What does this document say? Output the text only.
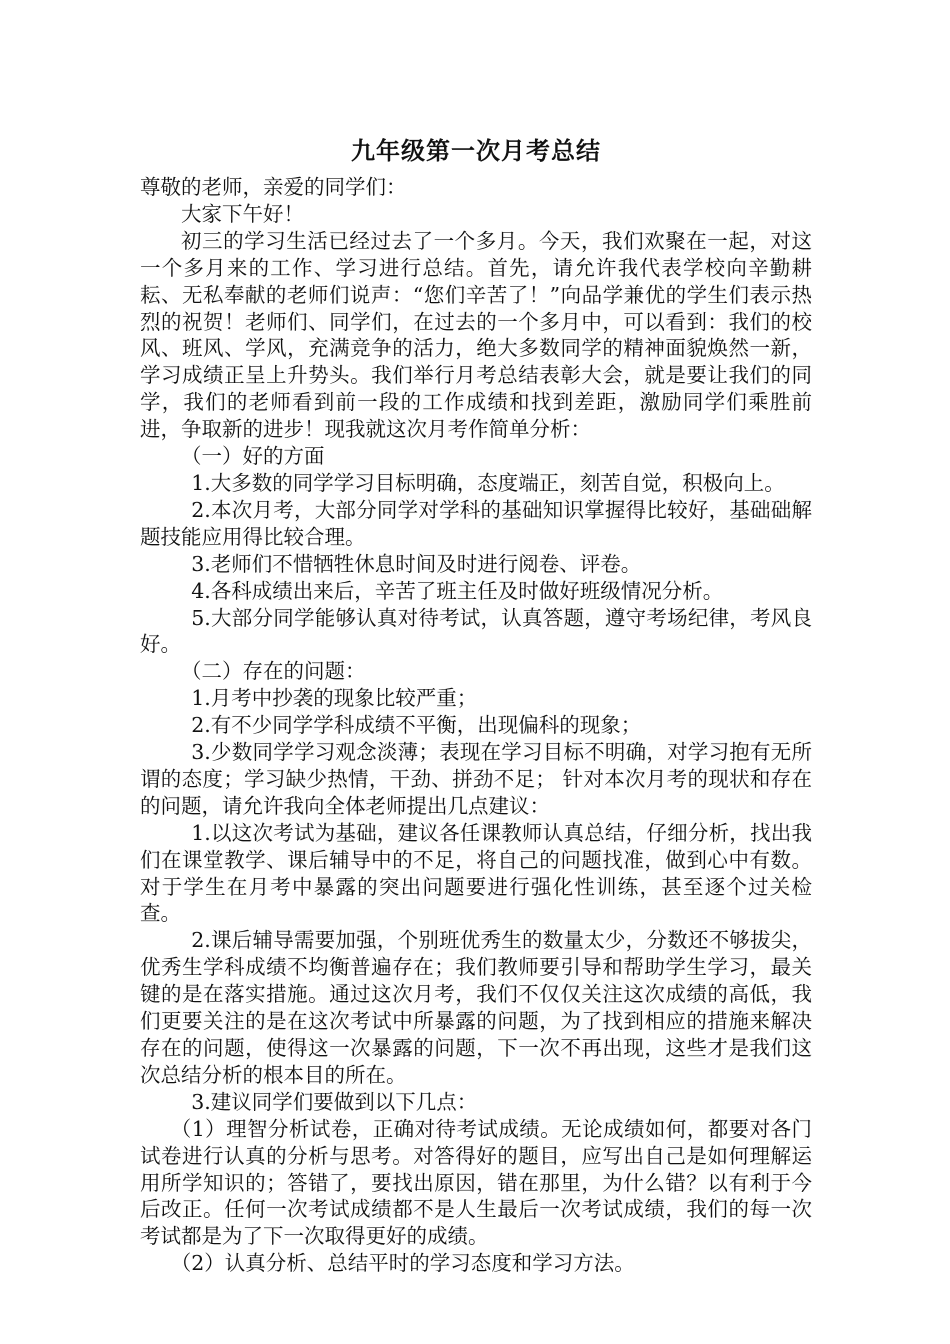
九年级第一次月考总结

尊敬的老师，亲爱的同学们：

大家下午好！

初三的学习生活已经过去了一个多月。今天，我们欢聚在一起，对这一个多月来的工作、学习进行总结。首先，请允许我代表学校向辛勤耕耘、无私奉献的老师们说声：“您们辛苦了！”向品学兼优的学生们表示热烈的祝贺！老师们、同学们，在过去的一个多月中，可以看到：我们的校风、班风、学风，充满竞争的活力，绝大多数同学的精神面貌焕然一新，学习成绩正呈上升势头。我们举行月考总结表彰大会，就是要让我们的同学，我们的老师看到前一段的工作成绩和找到差距，激励同学们乘胜前进，争取新的进步！现我就这次月考作简单分析：

（一）好的方面

1.大多数的同学学习目标明确，态度端正，刻苦自觉，积极向上。

2.本次月考，大部分同学对学科的基础知识掌握得比较好，基础础解题技能应用得比较合理。

3.老师们不惜牺牲休息时间及时进行阅卷、评卷。

4.各科成绩出来后，辛苦了班主任及时做好班级情况分析。

5.大部分同学能够认真对待考试，认真答题，遵守考场纪律，考风良好。

（二）存在的问题：

1.月考中抄袭的现象比较严重；

2.有不少同学学科成绩不平衡，出现偏科的现象；

3.少数同学学习观念淡薄；表现在学习目标不明确，对学习抱有无所谓的态度；学习缺少热情，干劲、拼劲不足； 针对本次月考的现状和存在的问题，请允许我向全体老师提出几点建议：

1.以这次考试为基础，建议各任课教师认真总结，仔细分析，找出我们在课堂教学、课后辅导中的不足，将自己的问题找准，做到心中有数。对于学生在月考中暴露的突出问题要进行强化性训练，甚至逐个过关检查。

2.课后辅导需要加强，个别班优秀生的数量太少，分数还不够拔尖，优秀生学科成绩不均衡普遍存在；我们教师要引导和帮助学生学习，最关键的是在落实措施。通过这次月考，我们不仅仅关注这次成绩的高低，我们更要关注的是在这次考试中所暴露的问题，为了找到相应的措施来解决存在的问题，使得这一次暴露的问题，下一次不再出现，这些才是我们这次总结分析的根本目的所在。

3.建议同学们要做到以下几点：

（1）理智分析试卷，正确对待考试成绩。无论成绩如何，都要对各门试卷进行认真的分析与思考。对答得好的题目，应写出自己是如何理解运用所学知识的；答错了，要找出原因，错在那里，为什么错？以有利于今后改正。任何一次考试成绩都不是人生最后一次考试成绩，我们的每一次考试都是为了下一次取得更好的成绩。

（2）认真分析、总结平时的学习态度和学习方法。
